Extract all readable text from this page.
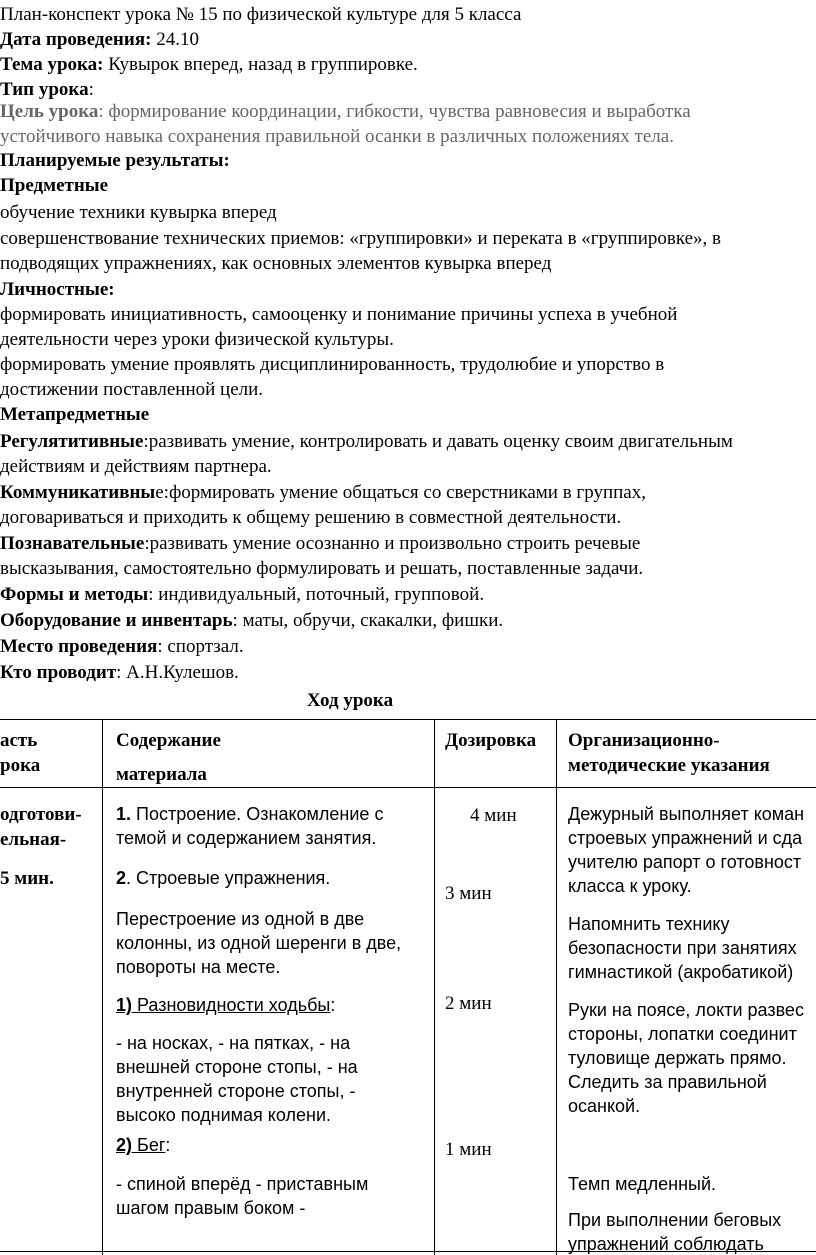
План-конспект урока № 15 по физической культуре для 5 класса
Дата проведения: 24.10
Тема урока: Кувырок вперед, назад в группировке.
Тип урока:
Цель урока: формирование координации, гибкости, чувства равновесия и выработка
устойчивого навыка сохранения правильной осанки в различных положениях тела.
Планируемые результаты:
Предметные
обучение техники кувырка вперед
совершенствование технических приемов: «группировки» и переката в «группировке», в
подводящих упражнениях, как основных элементов кувырка вперед
Личностные:
формировать инициативность, самооценку и понимание причины успеха в учебной
деятельности через уроки физической культуры.
формировать умение проявлять дисциплинированность, трудолюбие и упорство в
достижении поставленной цели.
Метапредметные
Регулятитивные:развивать умение, контролировать и давать оценку своим двигательным
действиям и действиям партнера.
Коммуникативные:формировать умение общаться со сверстниками в группах,
договариваться и приходить к общему решению в совместной деятельности.
Познавательные:развивать умение осознанно и произвольно строить речевые
высказывания, самостоятельно формулировать и решать, поставленные задачи.
Формы и методы: индивидуальный, поточный, групповой.
Оборудование и инвентарь: маты, обручи, скакалки, фишки.
Место проведения: спортзал.
Кто проводит: А.Н.Кулешов.
Ход урока
асть
рока
Содержание
материала
Дозировка Организационно-
методические указания
одготови-
ельная-
5 мин.
1. Построение. Ознакомление с
темой и содержанием занятия.
2. Строевые упражнения.
Перестроение из одной в две
колонны, из одной шеренги в две,
повороты на месте.
1) Разновидности ходьбы:
- на носках, - на пятках, - на
внешней стороне стопы, - на
внутренней стороне стопы, -
высоко поднимая колени.
2) Бег:
- спиной вперёд - приставным
шагом правым боком -
4 мин
3 мин
2 мин
1 мин
Дежурный выполняет коман
строевых упражнений и сда
учителю рапорт о готовност
класса к уроку.
Напомнить технику
безопасности при занятиях
гимнастикой (акробатикой)
Руки на поясе, локти развес
стороны, лопатки соединит
туловище держать прямо.
Следить за правильной
осанкой.
Темп медленный.
При выполнении беговых
упражнений соблюдать
